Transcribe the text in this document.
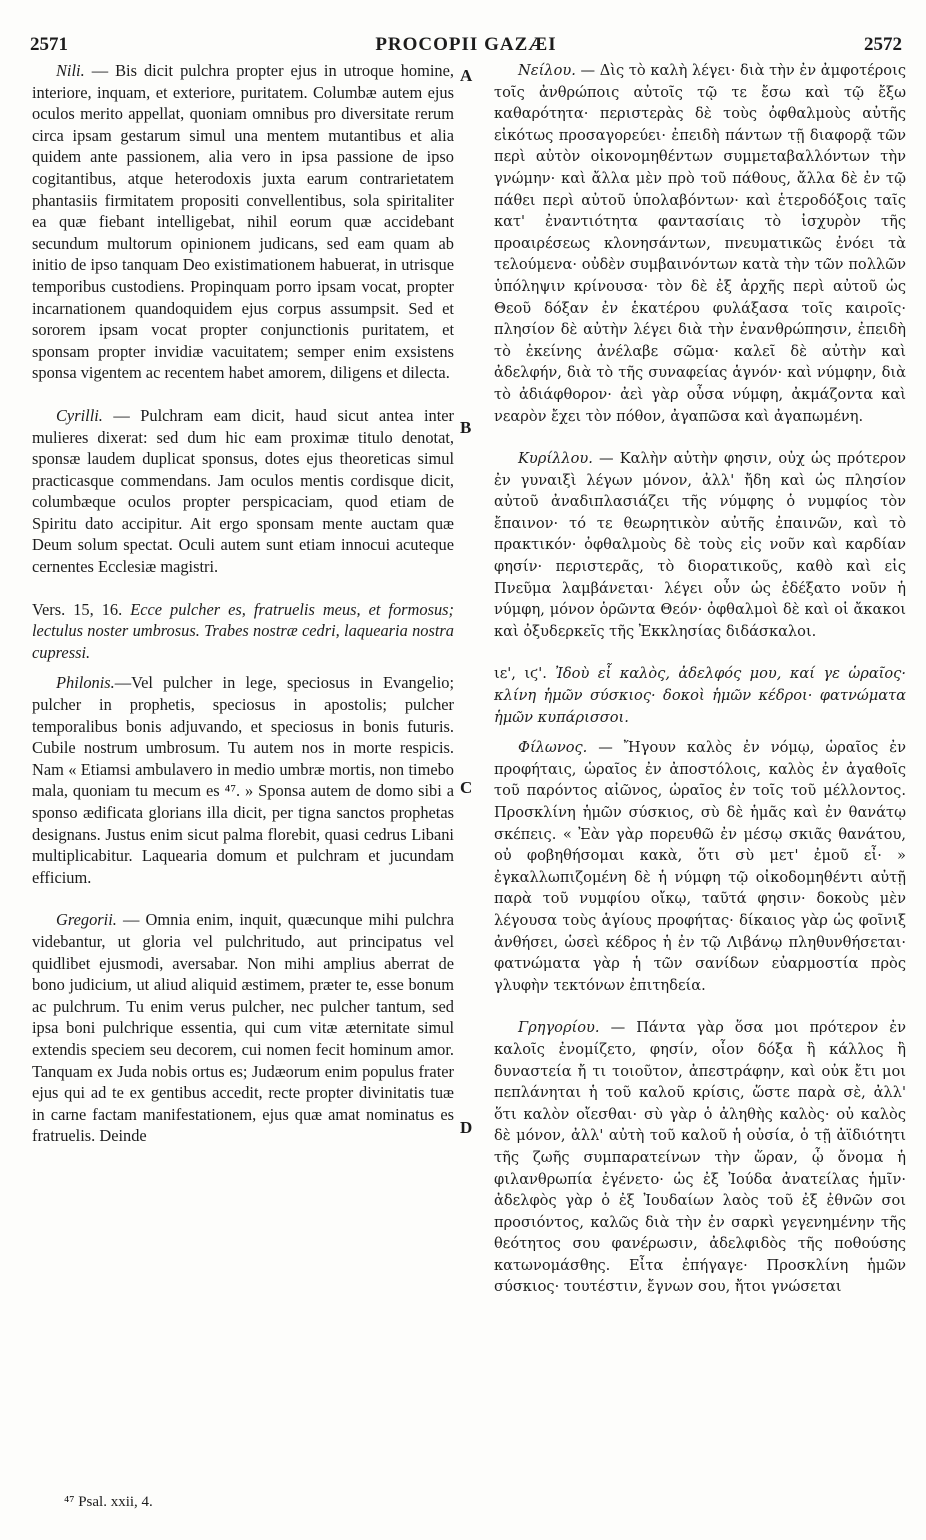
2571	PROCOPII GAZÆI	2572

Nili. — Bis dicit pulchra propter ejus in utroque homine, interiore, inquam, et exteriore, puritatem. Columbæ autem ejus oculos merito appellat, quoniam omnibus pro diversitate rerum circa ipsam gestarum simul una mentem mutantibus et alia quidem ante passionem, alia vero in ipsa passione de ipso cogitantibus, atque heterodoxis juxta earum contrarietatem phantasiis firmitatem propositi convellentibus, sola spiritaliter ea quæ fiebant intelligebat, nihil eorum quæ accidebant secundum multorum opinionem judicans, sed eam quam ab initio de ipso tanquam Deo existimationem habuerat, in utrisque temporibus custodiens. Propinquam porro ipsam vocat, propter incarnationem quandoquidem ejus corpus assumpsit. Sed et sororem ipsam vocat propter conjunctionis puritatem, et sponsam propter invidiæ vacuitatem; semper enim exsistens sponsa vigentem ac recentem habet amorem, diligens et dilecta.

Cyrilli. — Pulchram eam dicit, haud sicut antea inter mulieres dixerat: sed dum hic eam proximæ titulo denotat, sponsæ laudem duplicat sponsus, dotes ejus theoreticas simul practicasque commendans. Jam oculos mentis cordisque dicit, columbæque oculos propter perspicaciam, quod etiam de Spiritu dato accipitur. Ait ergo sponsam mente auctam quæ Deum solum spectat. Oculi autem sunt etiam innocui acuteque cernentes Ecclesiæ magistri.

Vers. 15, 16. Ecce pulcher es, fratruelis meus, et formosus; lectulus noster umbrosus. Trabes nostræ cedri, laquearia nostra cupressi.

Philonis.—Vel pulcher in lege, speciosus in Evangelio; pulcher in prophetis, speciosus in apostolis; pulcher temporalibus bonis adjuvando, et speciosus in bonis futuris. Cubile nostrum umbrosum. Tu autem nos in morte respicis. Nam « Etiamsi ambulavero in medio umbræ mortis, non timebo mala, quoniam tu mecum es ⁴⁷. » Sponsa autem de domo sibi a sponso ædificata glorians illa dicit, per tigna sanctos prophetas designans. Justus enim sicut palma florebit, quasi cedrus Libani multiplicabitur. Laquearia domum et pulchram et jucundam efficium.

Gregorii. — Omnia enim, inquit, quæcunque mihi pulchra videbantur, ut gloria vel pulchritudo, aut principatus vel quidlibet ejusmodi, aversabar. Non mihi amplius aberrat de bono judicium, ut aliud aliquid æstimem, præter te, esse bonum ac pulchrum. Tu enim verus pulcher, nec pulcher tantum, sed ipsa boni pulchrique essentia, qui cum vitæ æternitate simul extendis speciem seu decorem, cui nomen fecit hominum amor. Tanquam ex Juda nobis ortus es; Judæorum enim populus frater ejus qui ad te ex gentibus accedit, recte propter divinitatis tuæ in carne factam manifestationem, ejus quæ amat nominatus es fratruelis. Deinde

Νείλου. — Δὶς τὸ καλὴ λέγει· διὰ τὴν ἐν ἀμφοτέροις τοῖς ἀνθρώποις αὐτοῖς τῷ τε ἔσω καὶ τῷ ἔξω καθαρότητα· περιστερὰς δὲ τοὺς ὀφθαλμοὺς αὐτῆς εἰκότως προσαγορεύει· ἐπειδὴ πάντων τῇ διαφορᾷ τῶν περὶ αὐτὸν οἰκονομηθέντων συμμεταβαλλόντων τὴν γνώμην· καὶ ἄλλα μὲν πρὸ τοῦ πάθους, ἄλλα δὲ ἐν τῷ πάθει περὶ αὐτοῦ ὑπολαβόντων· καὶ ἑτεροδόξοις ταῖς κατ' ἐναντιότητα φαντασίαις τὸ ἰσχυρὸν τῆς προαιρέσεως κλονησάντων, πνευματικῶς ἐνόει τὰ τελούμενα· οὐδὲν συμβαινόντων κατὰ τὴν τῶν πολλῶν ὑπόληψιν κρίνουσα· τὸν δὲ ἐξ ἀρχῆς περὶ αὐτοῦ ὡς Θεοῦ δόξαν ἐν ἑκατέρου φυλάξασα τοῖς καιροῖς· πλησίον δὲ αὐτὴν λέγει διὰ τὴν ἐνανθρώπησιν, ἐπειδὴ τὸ ἐκείνης ἀνέλαβε σῶμα· καλεῖ δὲ αὐτὴν καὶ ἀδελφήν, διὰ τὸ τῆς συναφείας ἁγνόν· καὶ νύμφην, διὰ τὸ ἀδιάφθορον· ἀεὶ γὰρ οὖσα νύμφη, ἀκμάζοντα καὶ νεαρὸν ἔχει τὸν πόθον, ἀγαπῶσα καὶ ἀγαπωμένη.

Κυρίλλου. — Καλὴν αὐτὴν φησιν, οὐχ ὡς πρότερον ἐν γυναιξὶ λέγων μόνον, ἀλλ' ἤδη καὶ ὡς πλησίον αὐτοῦ ἀναδιπλασιάζει τῆς νύμφης ὁ νυμφίος τὸν ἔπαινον· τό τε θεωρητικὸν αὐτῆς ἐπαινῶν, καὶ τὸ πρακτικόν· ὀφθαλμοὺς δὲ τοὺς εἰς νοῦν καὶ καρδίαν φησίν· περιστερᾶς, τὸ διορατικοῦς, καθὸ καὶ εἰς Πνεῦμα λαμβάνεται· λέγει οὖν ὡς ἐδέξατο νοῦν ἡ νύμφη, μόνον ὁρῶντα Θεόν· ὀφθαλμοὶ δὲ καὶ οἱ ἄκακοι καὶ ὀξυδερκεῖς τῆς Ἐκκλησίας διδάσκαλοι.

ιε', ιϛ'. Ἰδοὺ εἶ καλὸς, ἀδελφός μου, καί γε ὡραῖος· κλίνη ἡμῶν σύσκιος· δοκοὶ ἡμῶν κέδροι· φατνώματα ἡμῶν κυπάρισσοι.

Φίλωνος. — Ἤγουν καλὸς ἐν νόμῳ, ὡραῖος ἐν προφήταις, ὡραῖος ἐν ἀποστόλοις, καλὸς ἐν ἀγαθοῖς τοῦ παρόντος αἰῶνος, ὡραῖος ἐν τοῖς τοῦ μέλλοντος. Προσκλίνη ἡμῶν σύσκιος, σὺ δὲ ἡμᾶς καὶ ἐν θανάτῳ σκέπεις. « Ἐὰν γὰρ πορευθῶ ἐν μέσῳ σκιᾶς θανάτου, οὐ φοβηθήσομαι κακὰ, ὅτι σὺ μετ' ἐμοῦ εἶ· » ἐγκαλλωπιζομένη δὲ ἡ νύμφη τῷ οἰκοδομηθέντι αὐτῇ παρὰ τοῦ νυμφίου οἴκῳ, ταῦτά φησιν· δοκοὺς μὲν λέγουσα τοὺς ἁγίους προφήτας· δίκαιος γὰρ ὡς φοῖνιξ ἀνθήσει, ὡσεὶ κέδρος ἡ ἐν τῷ Λιβάνῳ πληθυνθήσεται· φατνώματα γὰρ ἡ τῶν σανίδων εὐαρμοστία πρὸς γλυφὴν τεκτόνων ἐπιτηδεία.

Γρηγορίου. — Πάντα γὰρ ὅσα μοι πρότερον ἐν καλοῖς ἐνομίζετο, φησίν, οἷον δόξα ἢ κάλλος ἢ δυναστεία ἤ τι τοιοῦτον, ἀπεστράφην, καὶ οὐκ ἔτι μοι πεπλάνηται ἡ τοῦ καλοῦ κρίσις, ὥστε παρὰ σὲ, ἀλλ' ὅτι καλὸν οἴεσθαι· σὺ γὰρ ὁ ἀληθὴς καλὸς· οὐ καλὸς δὲ μόνον, ἀλλ' αὐτὴ τοῦ καλοῦ ἡ οὐσία, ὁ τῇ ἀϊδιότητι τῆς ζωῆς συμπαρατείνων τὴν ὥραν, ᾧ ὄνομα ἡ φιλανθρωπία ἐγένετο· ὡς ἐξ Ἰούδα ἀνατείλας ἡμῖν· ἀδελφὸς γὰρ ὁ ἐξ Ἰουδαίων λαὸς τοῦ ἐξ ἐθνῶν σοι προσιόντος, καλῶς διὰ τὴν ἐν σαρκὶ γεγενημένην τῆς θεότητος σου φανέρωσιν, ἀδελφιδὸς τῆς ποθούσης κατωνομάσθης. Εἶτα ἐπήγαγε· Προσκλίνη ἡμῶν σύσκιος· τουτέστιν, ἔγνων σου, ἤτοι γνώσεται

A
B
C
D
⁴⁷ Psal. xxii, 4.
